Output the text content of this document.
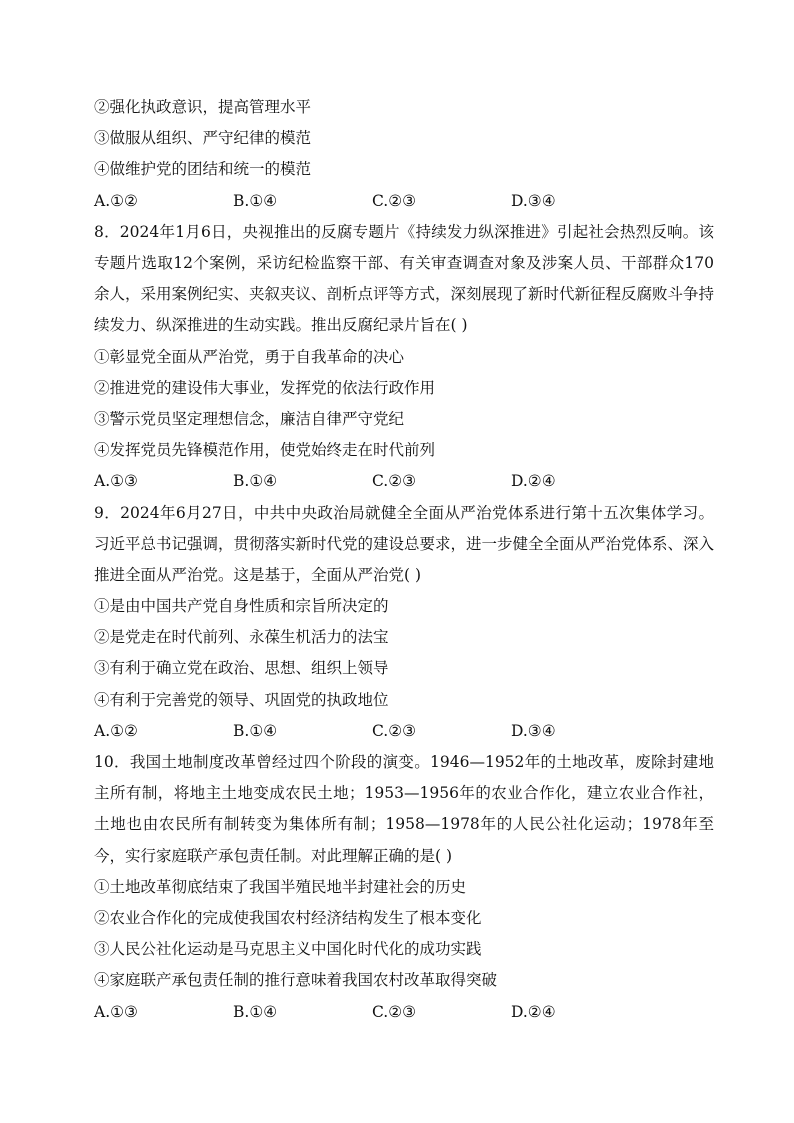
②强化执政意识，提高管理水平
③做服从组织、严守纪律的模范
④做维护党的团结和统一的模范
A.①②	B.①④	C.②③	D.③④
8．2024年1月6日，央视推出的反腐专题片《持续发力纵深推进》引起社会热烈反响。该专题片选取12个案例，采访纪检监察干部、有关审查调查对象及涉案人员、干部群众170余人，采用案例纪实、夹叙夹议、剖析点评等方式，深刻展现了新时代新征程反腐败斗争持续发力、纵深推进的生动实践。推出反腐纪录片旨在( )
①彰显党全面从严治党，勇于自我革命的决心
②推进党的建设伟大事业，发挥党的依法行政作用
③警示党员坚定理想信念，廉洁自律严守党纪
④发挥党员先锋模范作用，使党始终走在时代前列
A.①③	B.①④	C.②③	D.②④
9．2024年6月27日，中共中央政治局就健全全面从严治党体系进行第十五次集体学习。习近平总书记强调，贯彻落实新时代党的建设总要求，进一步健全全面从严治党体系、深入推进全面从严治党。这是基于，全面从严治党( )
①是由中国共产党自身性质和宗旨所决定的
②是党走在时代前列、永葆生机活力的法宝
③有利于确立党在政治、思想、组织上领导
④有利于完善党的领导、巩固党的执政地位
A.①②	B.①④	C.②③	D.③④
10．我国土地制度改革曾经过四个阶段的演变。1946—1952年的土地改革，废除封建地主所有制，将地主土地变成农民土地；1953—1956年的农业合作化，建立农业合作社，土地也由农民所有制转变为集体所有制；1958—1978年的人民公社化运动；1978年至今，实行家庭联产承包责任制。对此理解正确的是( )
①土地改革彻底结束了我国半殖民地半封建社会的历史
②农业合作化的完成使我国农村经济结构发生了根本变化
③人民公社化运动是马克思主义中国化时代化的成功实践
④家庭联产承包责任制的推行意味着我国农村改革取得突破
A.①③	B.①④	C.②③	D.②④
